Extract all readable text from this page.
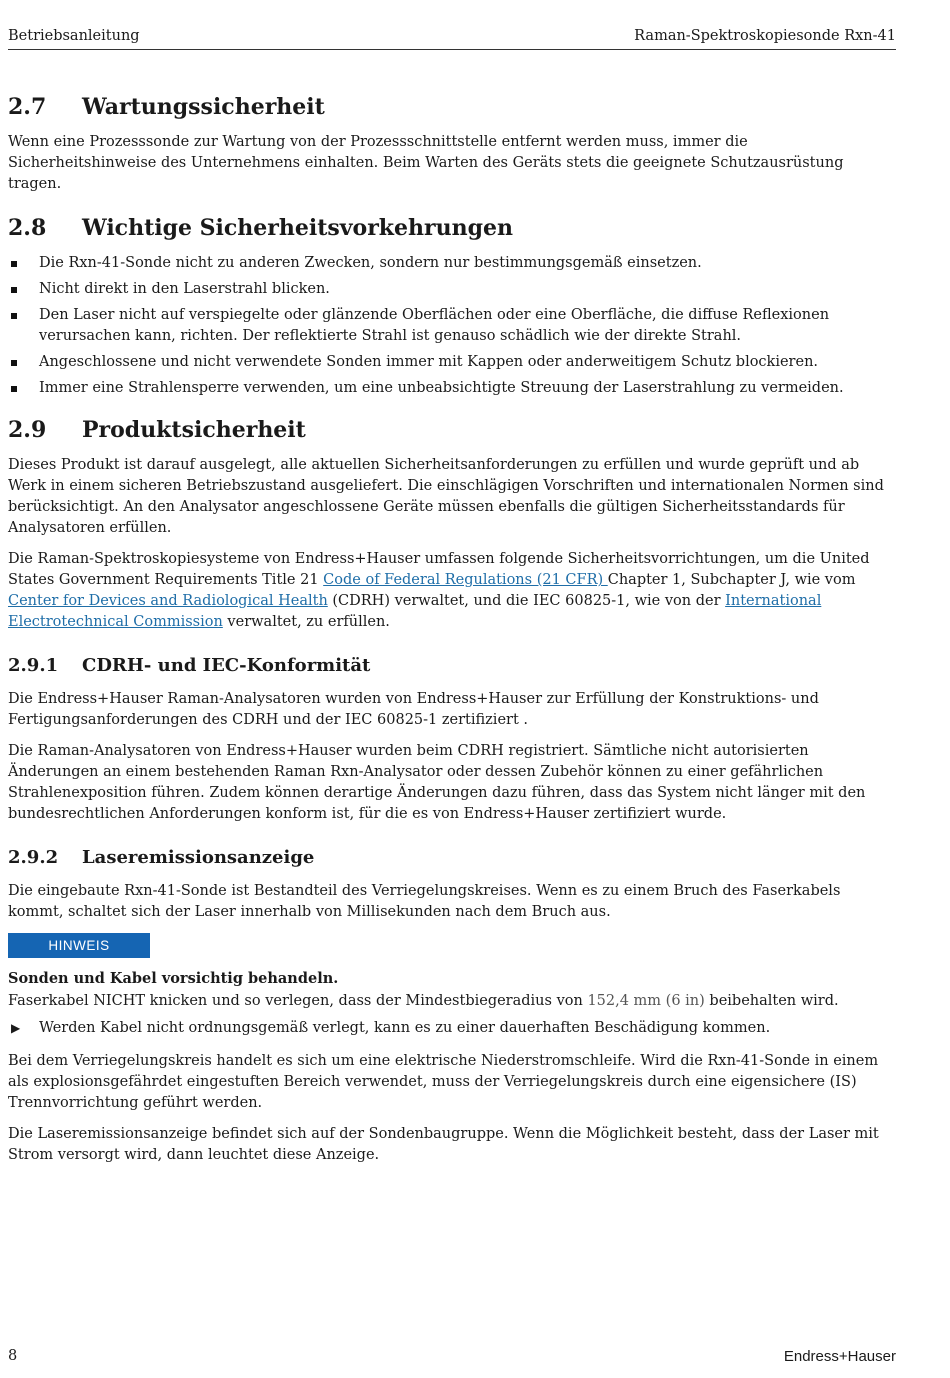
Betriebsanleitung	Raman-Spektroskopiesonde Rxn-41
2.7 Wartungssicherheit

Wenn eine Prozesssonde zur Wartung von der Prozessschnittstelle entfernt werden muss, immer die Sicherheitshinweise des Unternehmens einhalten. Beim Warten des Geräts stets die geeignete Schutzausrüstung tragen.

2.8 Wichtige Sicherheitsvorkehrungen
Die Rxn-41-Sonde nicht zu anderen Zwecken, sondern nur bestimmungsgemäß einsetzen.
Nicht direkt in den Laserstrahl blicken.
Den Laser nicht auf verspiegelte oder glänzende Oberflächen oder eine Oberfläche, die diffuse Reflexionen verursachen kann, richten. Der reflektierte Strahl ist genauso schädlich wie der direkte Strahl.
Angeschlossene und nicht verwendete Sonden immer mit Kappen oder anderweitigem Schutz blockieren.
Immer eine Strahlensperre verwenden, um eine unbeabsichtigte Streuung der Laserstrahlung zu vermeiden.
2.9 Produktsicherheit

Dieses Produkt ist darauf ausgelegt, alle aktuellen Sicherheitsanforderungen zu erfüllen und wurde geprüft und ab Werk in einem sicheren Betriebszustand ausgeliefert. Die einschlägigen Vorschriften und internationalen Normen sind berücksichtigt. An den Analysator angeschlossene Geräte müssen ebenfalls die gültigen Sicherheitsstandards für Analysatoren erfüllen.

Die Raman-Spektroskopiesysteme von Endress+Hauser umfassen folgende Sicherheitsvorrichtungen, um die United States Government Requirements Title 21 Code of Federal Regulations (21 CFR) Chapter 1, Subchapter J, wie vom Center for Devices and Radiological Health (CDRH) verwaltet, und die IEC 60825-1, wie von der International Electrotechnical Commission verwaltet, zu erfüllen.

2.9.1 CDRH- und IEC-Konformität

Die Endress+Hauser Raman-Analysatoren wurden von Endress+Hauser zur Erfüllung der Konstruktions- und Fertigungsanforderungen des CDRH und der IEC 60825-1 zertifiziert .

Die Raman-Analysatoren von Endress+Hauser wurden beim CDRH registriert. Sämtliche nicht autorisierten Änderungen an einem bestehenden Raman Rxn-Analysator oder dessen Zubehör können zu einer gefährlichen Strahlenexposition führen. Zudem können derartige Änderungen dazu führen, dass das System nicht länger mit den bundesrechtlichen Anforderungen konform ist, für die es von Endress+Hauser zertifiziert wurde.

2.9.2 Laseremissionsanzeige

Die eingebaute Rxn-41-Sonde ist Bestandteil des Verriegelungskreises. Wenn es zu einem Bruch des Faserkabels kommt, schaltet sich der Laser innerhalb von Millisekunden nach dem Bruch aus.

HINWEIS
Sonden und Kabel vorsichtig behandeln.

Faserkabel NICHT knicken und so verlegen, dass der Mindestbiegeradius von 152,4 mm (6 in) beibehalten wird.

▶ Werden Kabel nicht ordnungsgemäß verlegt, kann es zu einer dauerhaften Beschädigung kommen.

Bei dem Verriegelungskreis handelt es sich um eine elektrische Niederstromschleife. Wird die Rxn-41-Sonde in einem als explosionsgefährdet eingestuften Bereich verwendet, muss der Verriegelungskreis durch eine eigensichere (IS) Trennvorrichtung geführt werden.

Die Laseremissionsanzeige befindet sich auf der Sondenbaugruppe. Wenn die Möglichkeit besteht, dass der Laser mit Strom versorgt wird, dann leuchtet diese Anzeige.

8	Endress+Hauser
